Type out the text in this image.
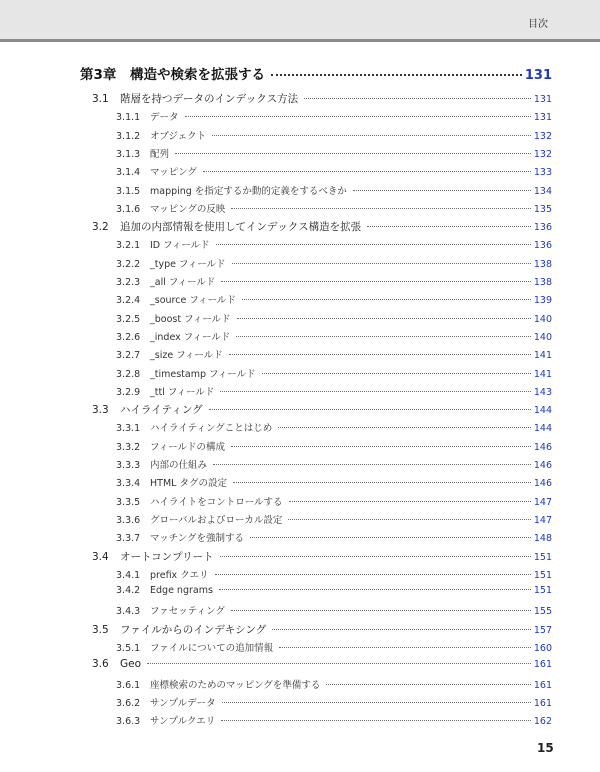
目次
第3章	構造や検索を拡張する	131
3.1	階層を持つデータのインデックス方法	131
3.1.1	データ	131
3.1.2	オブジェクト	132
3.1.3	配列	132
3.1.4	マッピング	133
3.1.5	mapping を指定するか動的定義をするべきか	134
3.1.6	マッピングの反映	135
3.2	追加の内部情報を使用してインデックス構造を拡張	136
3.2.1	ID フィールド	136
3.2.2	_type フィールド	138
3.2.3	_all フィールド	138
3.2.4	_source フィールド	139
3.2.5	_boost フィールド	140
3.2.6	_index フィールド	140
3.2.7	_size フィールド	141
3.2.8	_timestamp フィールド	141
3.2.9	_ttl フィールド	143
3.3	ハイライティング	144
3.3.1	ハイライティングことはじめ	144
3.3.2	フィールドの構成	146
3.3.3	内部の仕組み	146
3.3.4	HTML タグの設定	146
3.3.5	ハイライトをコントロールする	147
3.3.6	グローバルおよびローカル設定	147
3.3.7	マッチングを強制する	148
3.4	オートコンプリート	151
3.4.1	prefix クエリ	151
3.4.2	Edge ngrams	151
3.4.3	ファセッティング	155
3.5	ファイルからのインデキシング	157
3.5.1	ファイルについての追加情報	160
3.6	Geo	161
3.6.1	座標検索のためのマッピングを準備する	161
3.6.2	サンプルデータ	161
3.6.3	サンプルクエリ	162
15
